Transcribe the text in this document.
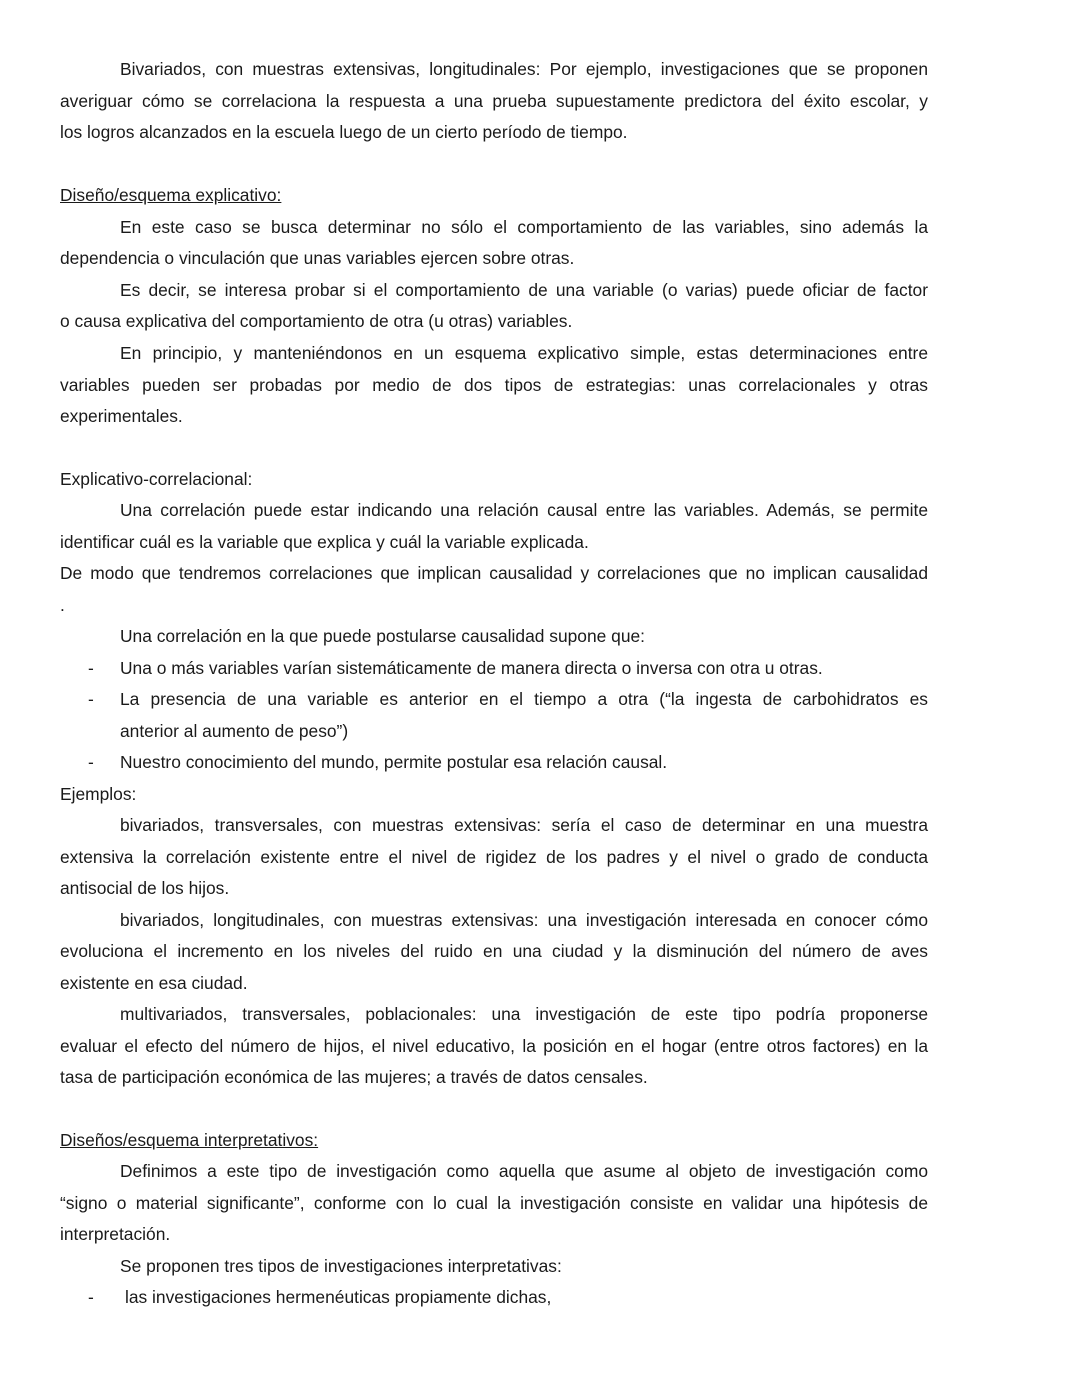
Bivariados, con muestras extensivas, longitudinales: Por ejemplo, investigaciones que se proponen
averiguar cómo se correlaciona la respuesta a una prueba supuestamente predictora del éxito escolar, y
los logros alcanzados en la escuela luego de un cierto período de tiempo.
Diseño/esquema explicativo:
En este caso se busca determinar no sólo el comportamiento de las variables, sino además la
dependencia o vinculación que unas variables ejercen sobre otras.
Es decir, se interesa probar si el comportamiento de una variable (o varias) puede oficiar de factor
o causa explicativa del comportamiento de otra (u otras) variables.
En principio, y manteniéndonos en un esquema explicativo simple, estas determinaciones entre
variables pueden ser probadas por medio de dos tipos de estrategias: unas correlacionales y otras
experimentales.
Explicativo-correlacional:
Una correlación puede estar indicando una relación causal entre las variables. Además, se permite
identificar cuál es la variable que explica y cuál la variable explicada.
De modo que tendremos correlaciones que implican causalidad y correlaciones que no implican causalidad
.
Una correlación en la que puede postularse causalidad supone que:
-	Una o más variables varían sistemáticamente de manera directa o inversa con otra u otras.
-	La presencia de una variable es anterior en el tiempo a otra (“la ingesta de carbohidratos es
anterior al aumento de peso”)
-	Nuestro conocimiento del mundo, permite postular esa relación causal.
Ejemplos:
bivariados, transversales, con muestras extensivas: sería el caso de determinar en una muestra
extensiva la correlación existente entre el nivel de rigidez de los padres y el nivel o grado de conducta
antisocial de los hijos.
bivariados, longitudinales, con muestras extensivas: una investigación interesada en conocer cómo
evoluciona el incremento en los niveles del ruido en una ciudad y la disminución del número de aves
existente en esa ciudad.
multivariados, transversales, poblacionales: una investigación de este tipo podría proponerse
evaluar el efecto del número de hijos, el nivel educativo, la posición en el hogar (entre otros factores) en la
tasa de participación económica de las mujeres; a través de datos censales.
Diseños/esquema interpretativos:
Definimos a este tipo de investigación como aquella que asume al objeto de investigación como
“signo o material significante”, conforme con lo cual la investigación consiste en validar una hipótesis de
interpretación.
Se proponen tres tipos de investigaciones interpretativas:
-	las investigaciones hermenéuticas propiamente dichas,
